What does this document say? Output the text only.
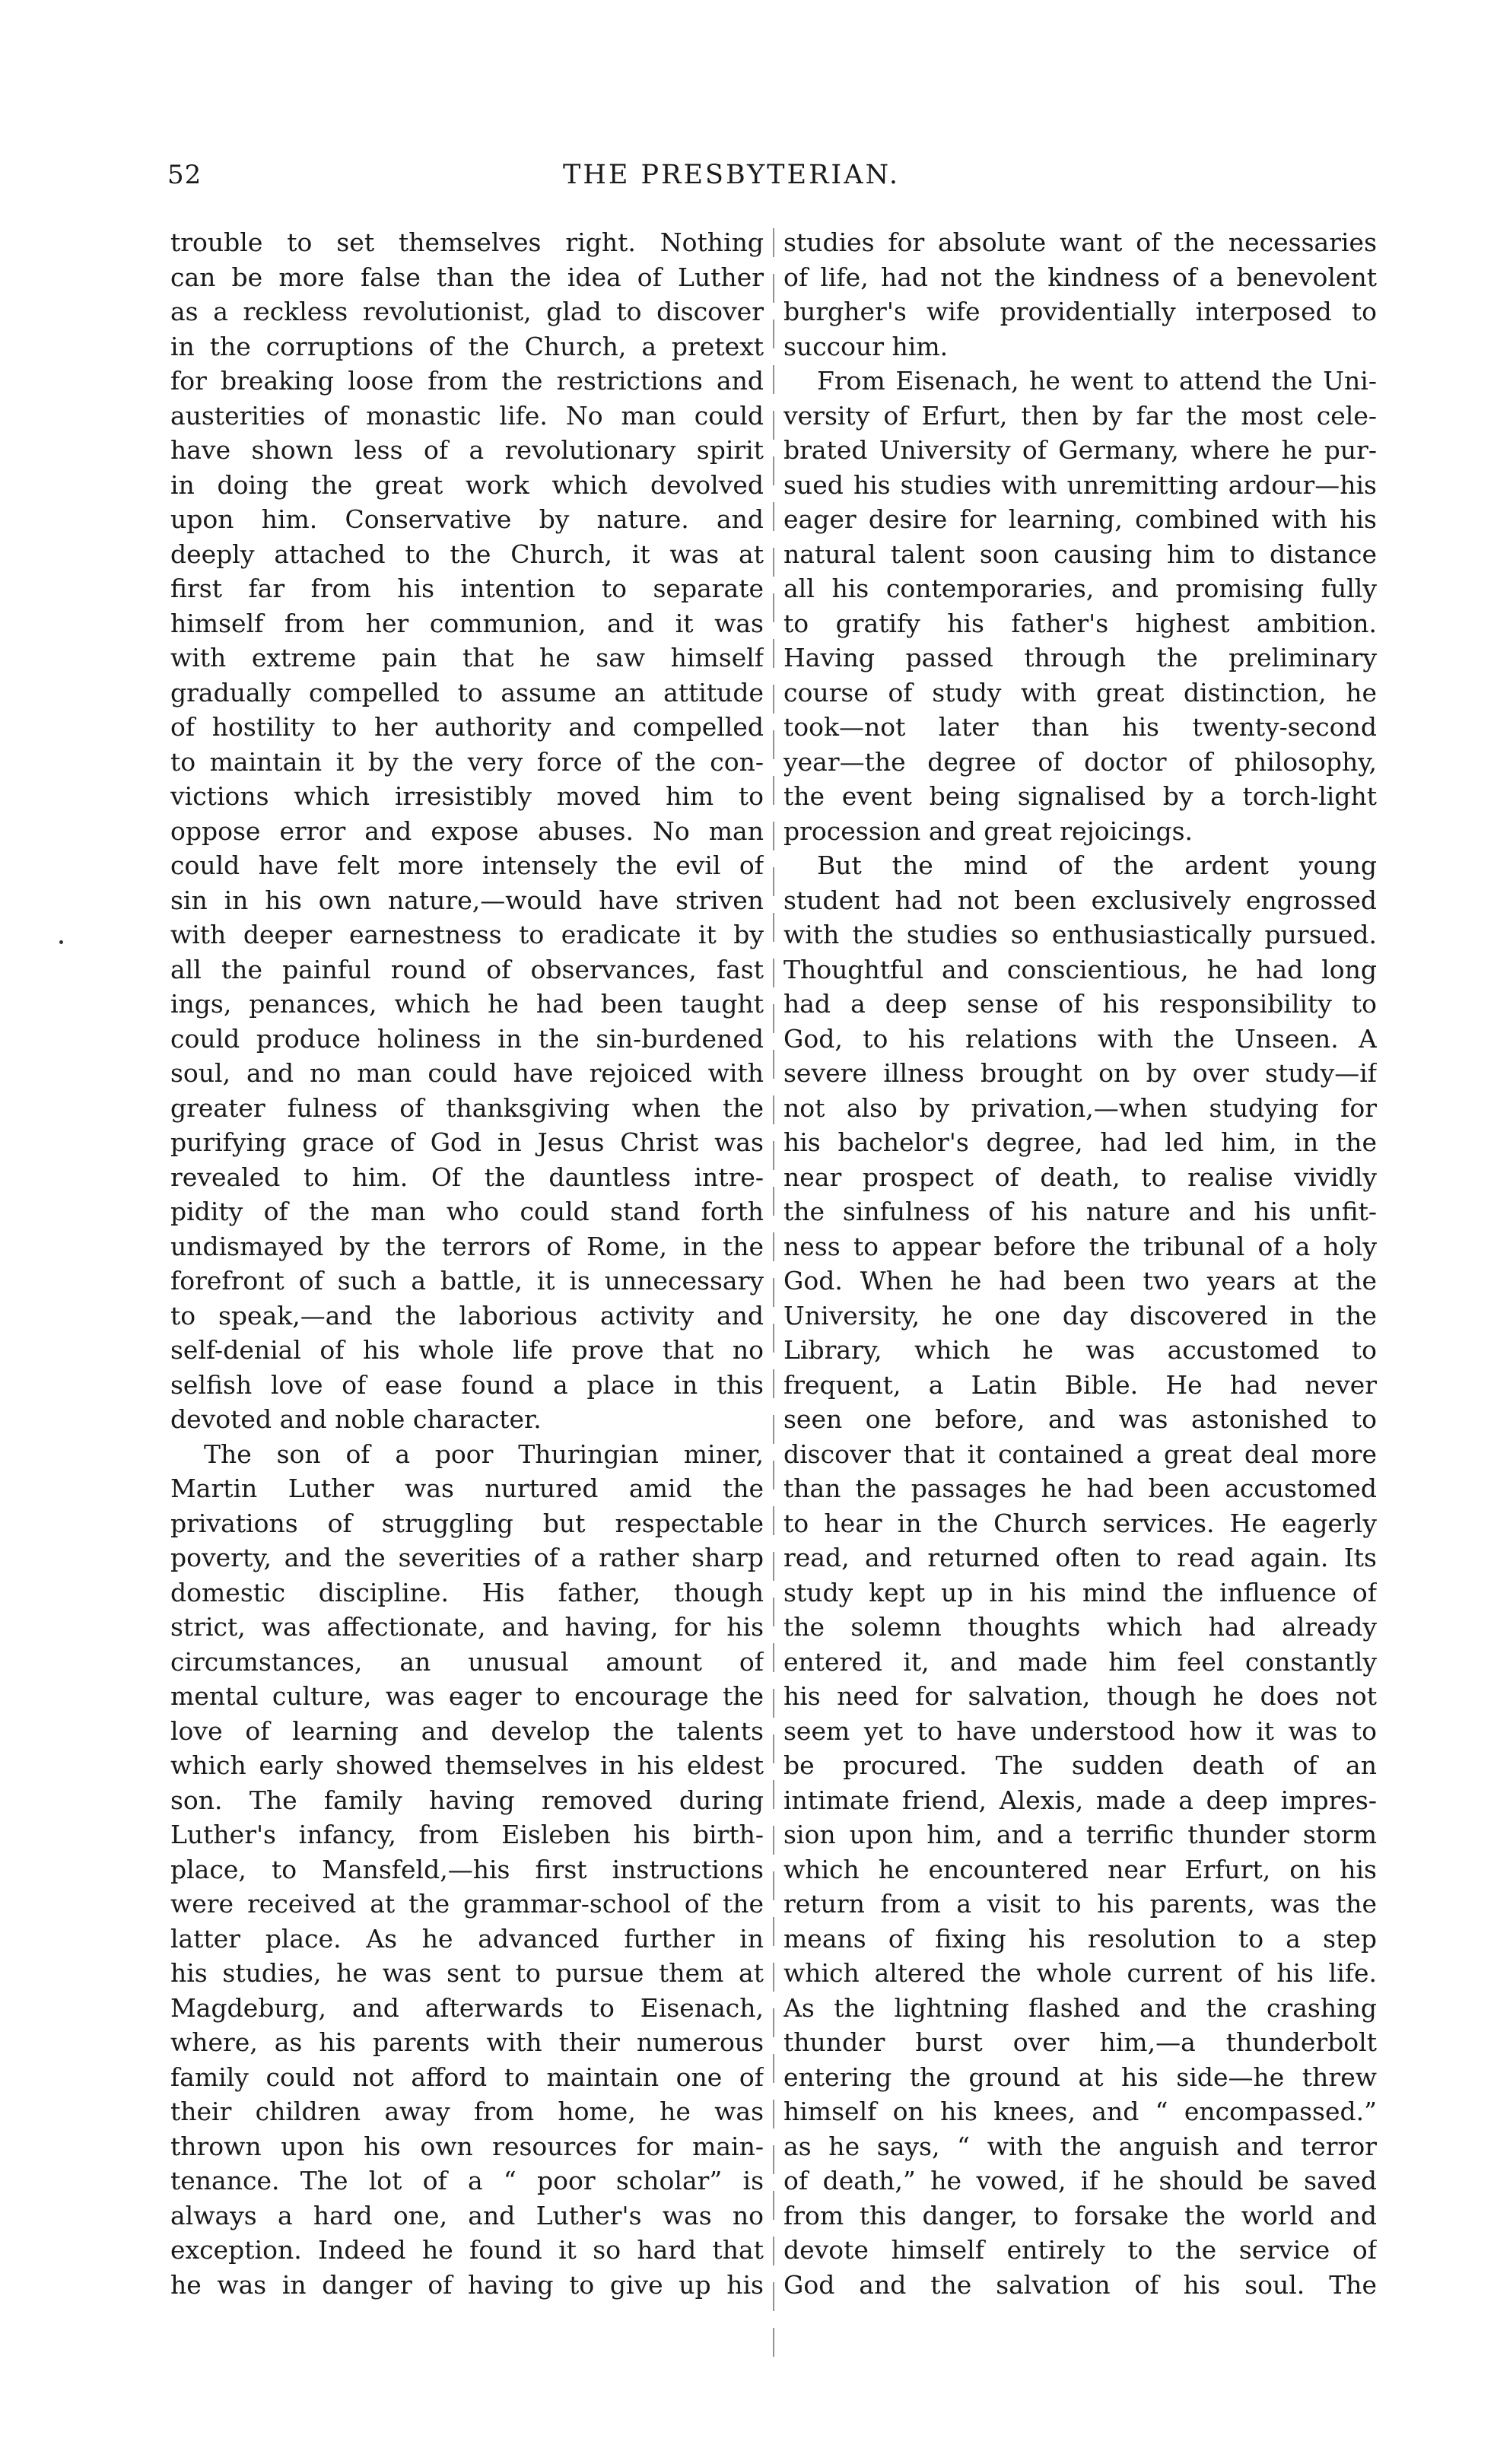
52	THE PRESBYTERIAN.
trouble to set themselves right. Nothing
can be more false than the idea of Luther
as a reckless revolutionist, glad to discover
in the corruptions of the Church, a pretext
for breaking loose from the restrictions and
austerities of monastic life. No man could
have shown less of a revolutionary spirit
in doing the great work which devolved
upon him. Conservative by nature. and
deeply attached to the Church, it was at
first far from his intention to separate
himself from her communion, and it was
with extreme pain that he saw himself
gradually compelled to assume an attitude
of hostility to her authority and compelled
to maintain it by the very force of the con-
victions which irresistibly moved him to
oppose error and expose abuses. No man
could have felt more intensely the evil of
sin in his own nature,—would have striven
with deeper earnestness to eradicate it by
all the painful round of observances, fast
ings, penances, which he had been taught
could produce holiness in the sin-burdened
soul, and no man could have rejoiced with
greater fulness of thanksgiving when the
purifying grace of God in Jesus Christ was
revealed to him. Of the dauntless intre-
pidity of the man who could stand forth
undismayed by the terrors of Rome, in the
forefront of such a battle, it is unnecessary
to speak,—and the laborious activity and
self-denial of his whole life prove that no
selfish love of ease found a place in this
devoted and noble character.
The son of a poor Thuringian miner,
Martin Luther was nurtured amid the
privations of struggling but respectable
poverty, and the severities of a rather sharp
domestic discipline. His father, though
strict, was affectionate, and having, for his
circumstances, an unusual amount of
mental culture, was eager to encourage the
love of learning and develop the talents
which early showed themselves in his eldest
son. The family having removed during
Luther's infancy, from Eisleben his birth-
place, to Mansfeld,—his first instructions
were received at the grammar-school of the
latter place. As he advanced further in
his studies, he was sent to pursue them at
Magdeburg, and afterwards to Eisenach,
where, as his parents with their numerous
family could not afford to maintain one of
their children away from home, he was
thrown upon his own resources for main-
tenance. The lot of a “ poor scholar” is
always a hard one, and Luther's was no
exception. Indeed he found it so hard that
he was in danger of having to give up his
studies for absolute want of the necessaries
of life, had not the kindness of a benevolent
burgher's wife providentially interposed to
succour him.
From Eisenach, he went to attend the Uni-
versity of Erfurt, then by far the most cele-
brated University of Germany, where he pur-
sued his studies with unremitting ardour—his
eager desire for learning, combined with his
natural talent soon causing him to distance
all his contemporaries, and promising fully
to gratify his father's highest ambition.
Having passed through the preliminary
course of study with great distinction, he
took—not later than his twenty-second
year—the degree of doctor of philosophy,
the event being signalised by a torch-light
procession and great rejoicings.
But the mind of the ardent young
student had not been exclusively engrossed
with the studies so enthusiastically pursued.
Thoughtful and conscientious, he had long
had a deep sense of his responsibility to
God, to his relations with the Unseen. A
severe illness brought on by over study—if
not also by privation,—when studying for
his bachelor's degree, had led him, in the
near prospect of death, to realise vividly
the sinfulness of his nature and his unfit-
ness to appear before the tribunal of a holy
God. When he had been two years at the
University, he one day discovered in the
Library, which he was accustomed to
frequent, a Latin Bible. He had never
seen one before, and was astonished to
discover that it contained a great deal more
than the passages he had been accustomed
to hear in the Church services. He eagerly
read, and returned often to read again. Its
study kept up in his mind the influence of
the solemn thoughts which had already
entered it, and made him feel constantly
his need for salvation, though he does not
seem yet to have understood how it was to
be procured. The sudden death of an
intimate friend, Alexis, made a deep impres-
sion upon him, and a terrific thunder storm
which he encountered near Erfurt, on his
return from a visit to his parents, was the
means of fixing his resolution to a step
which altered the whole current of his life.
As the lightning flashed and the crashing
thunder burst over him,—a thunderbolt
entering the ground at his side—he threw
himself on his knees, and “ encompassed.”
as he says, “ with the anguish and terror
of death,” he vowed, if he should be saved
from this danger, to forsake the world and
devote himself entirely to the service of
God and the salvation of his soul. The
